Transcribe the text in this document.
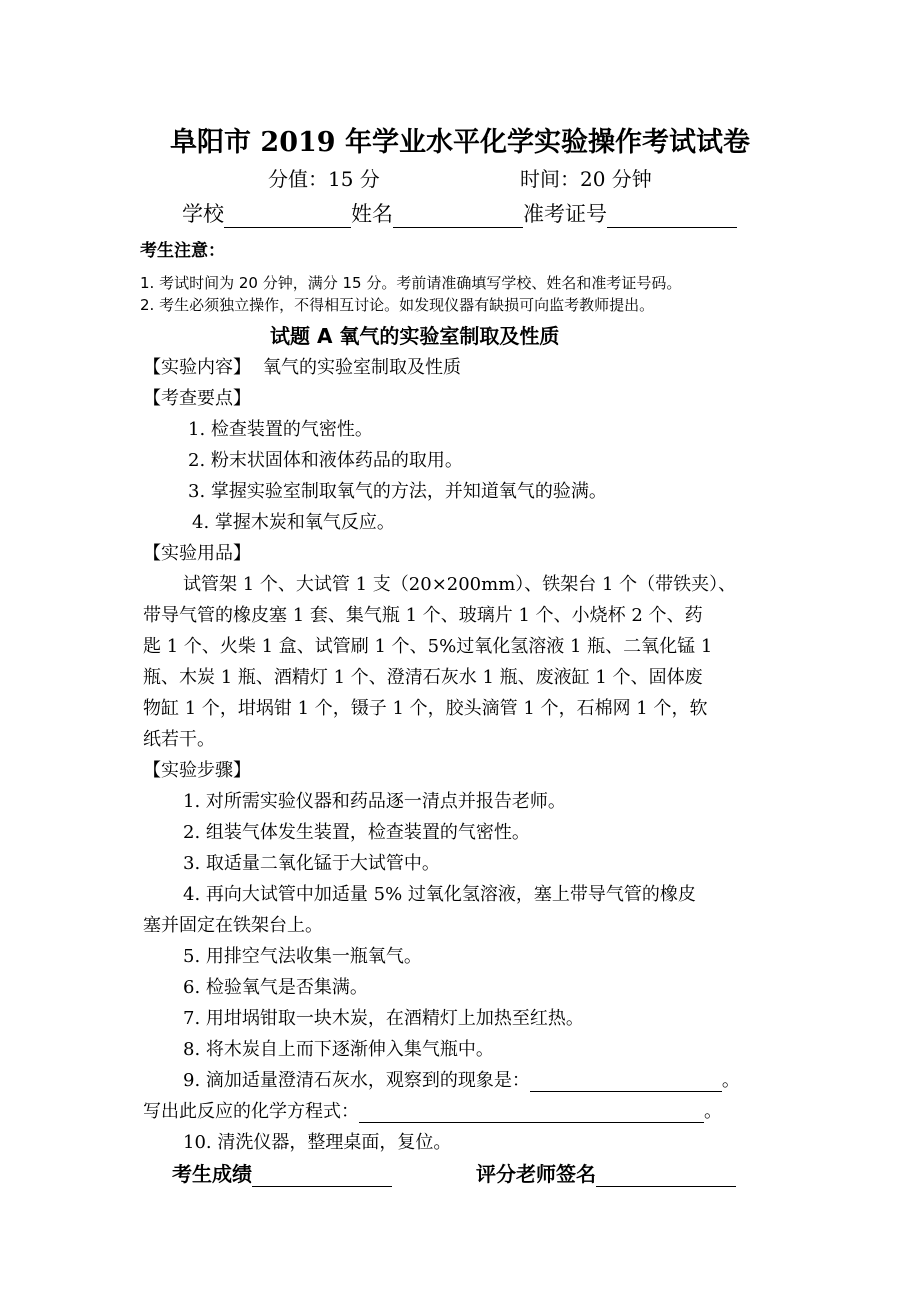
阜阳市 2019 年学业水平化学实验操作考试试卷
分值：15 分	时间：20 分钟
学校	姓名	准考证号
考生注意：
1. 考试时间为 20 分钟，满分 15 分。考前请准确填写学校、姓名和准考证号码。
2. 考生必须独立操作，不得相互讨论。如发现仪器有缺损可向监考教师提出。
试题 A 氧气的实验室制取及性质
【实验内容】 氧气的实验室制取及性质
【考查要点】
1. 检查装置的气密性。
2. 粉末状固体和液体药品的取用。
3. 掌握实验室制取氧气的方法，并知道氧气的验满。
4. 掌握木炭和氧气反应。
【实验用品】
试管架 1 个、大试管 1 支（20×200mm）、铁架台 1 个（带铁夹）、
带导气管的橡皮塞 1 套、集气瓶 1 个、玻璃片 1 个、小烧杯 2 个、药
匙 1 个、火柴 1 盒、试管刷 1 个、5%过氧化氢溶液 1 瓶、二氧化锰 1
瓶、木炭 1 瓶、酒精灯 1 个、澄清石灰水 1 瓶、废液缸 1 个、固体废
物缸 1 个，坩埚钳 1 个，镊子 1 个，胶头滴管 1 个，石棉网 1 个，软
纸若干。
【实验步骤】
1. 对所需实验仪器和药品逐一清点并报告老师。
2. 组装气体发生装置，检查装置的气密性。
3. 取适量二氧化锰于大试管中。
4. 再向大试管中加适量 5% 过氧化氢溶液，塞上带导气管的橡皮
塞并固定在铁架台上。
5. 用排空气法收集一瓶氧气。
6. 检验氧气是否集满。
7. 用坩埚钳取一块木炭，在酒精灯上加热至红热。
8. 将木炭自上而下逐渐伸入集气瓶中。
9. 滴加适量澄清石灰水，观察到的现象是：	。
写出此反应的化学方程式：	。
10. 清洗仪器，整理桌面，复位。
考生成绩	评分老师签名
